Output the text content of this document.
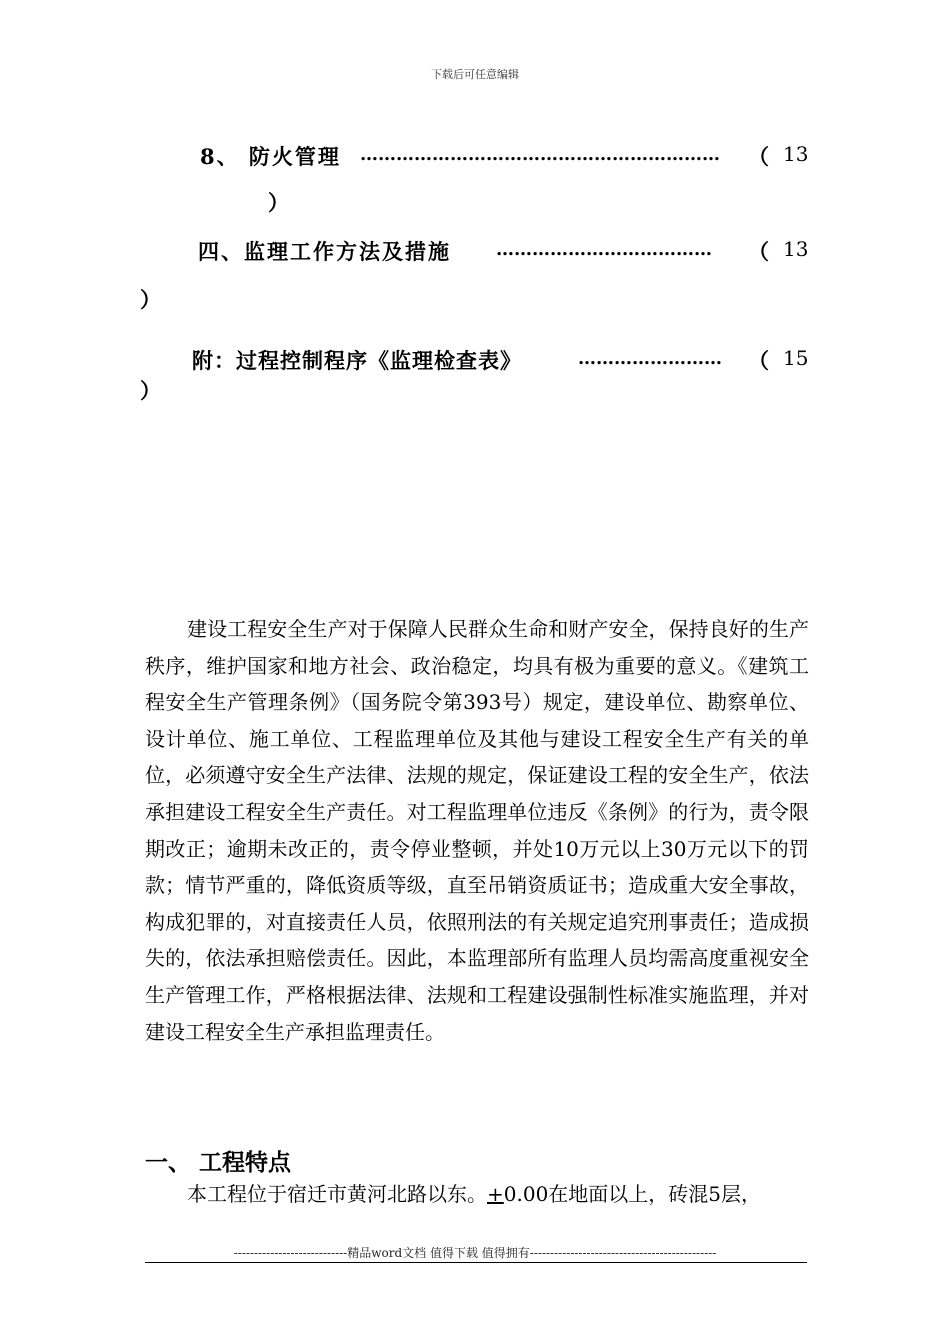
下载后可任意编辑
8、 防火管理 …………………………………………………… （ 13
）
四、监理工作方法及措施	……………………………… （ 13
）
附：过程控制程序《监理检查表》	…………………… （ 15
）

建设工程安全生产对于保障人民群众生命和财产安全，保持良好的生产秩序，维护国家和地方社会、政治稳定，均具有极为重要的意义。《建筑工程安全生产管理条例》（国务院令第393号）规定，建设单位、勘察单位、设计单位、施工单位、工程监理单位及其他与建设工程安全生产有关的单位，必须遵守安全生产法律、法规的规定，保证建设工程的安全生产，依法承担建设工程安全生产责任。对工程监理单位违反《条例》的行为，责令限期改正；逾期未改正的，责令停业整顿，并处10万元以上30万元以下的罚款；情节严重的，降低资质等级，直至吊销资质证书；造成重大安全事故，构成犯罪的，对直接责任人员，依照刑法的有关规定追究刑事责任；造成损失的，依法承担赔偿责任。因此，本监理部所有监理人员均需高度重视安全生产管理工作，严格根据法律、法规和工程建设强制性标准实施监理，并对建设工程安全生产承担监理责任。

一、 工程特点
本工程位于宿迁市黄河北路以东。+0.00在地面以上，砖混5层，
----------------------------精品word文档 值得下载 值得拥有----------------------------------------------
